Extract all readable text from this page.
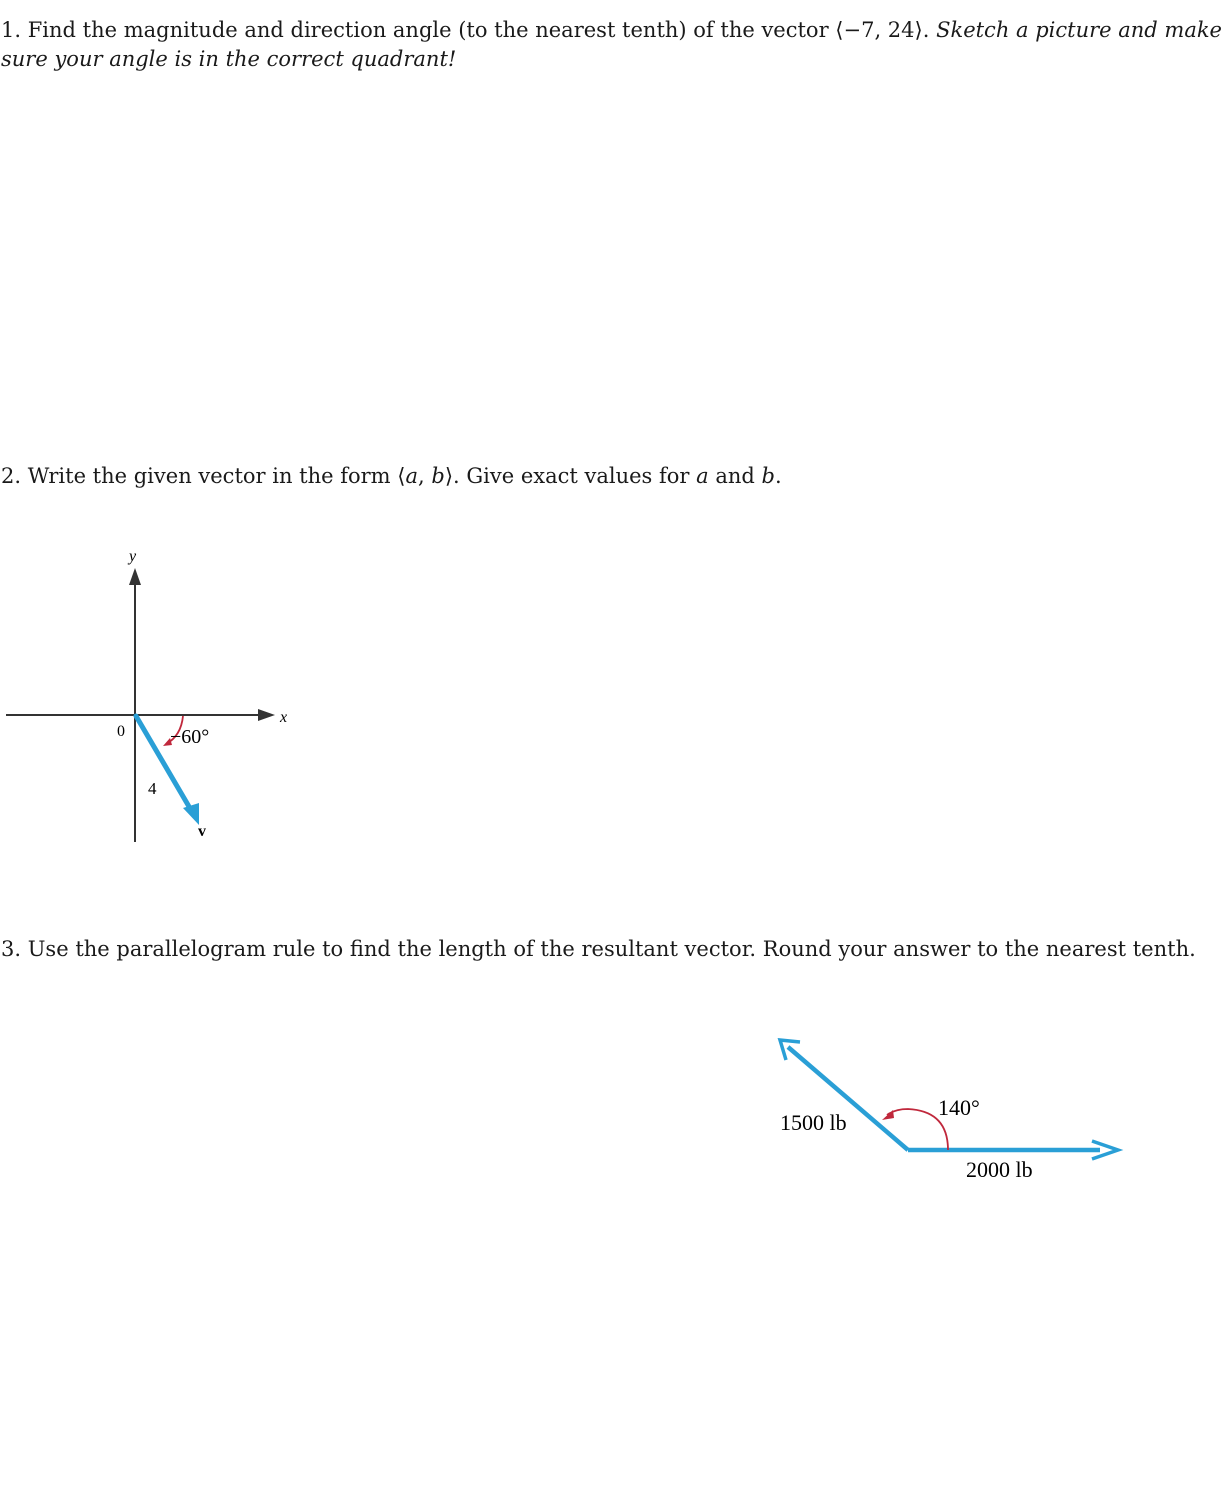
1. Find the magnitude and direction angle (to the nearest tenth) of the vector ⟨−7, 24⟩. Sketch a picture and make
sure your angle is in the correct quadrant!
2. Write the given vector in the form ⟨a, b⟩. Give exact values for a and b.
y
x
0 −60°
4
v
3. Use the parallelogram rule to find the length of the resultant vector. Round your answer to the nearest tenth.
1500 lb
140°
2000 lb
